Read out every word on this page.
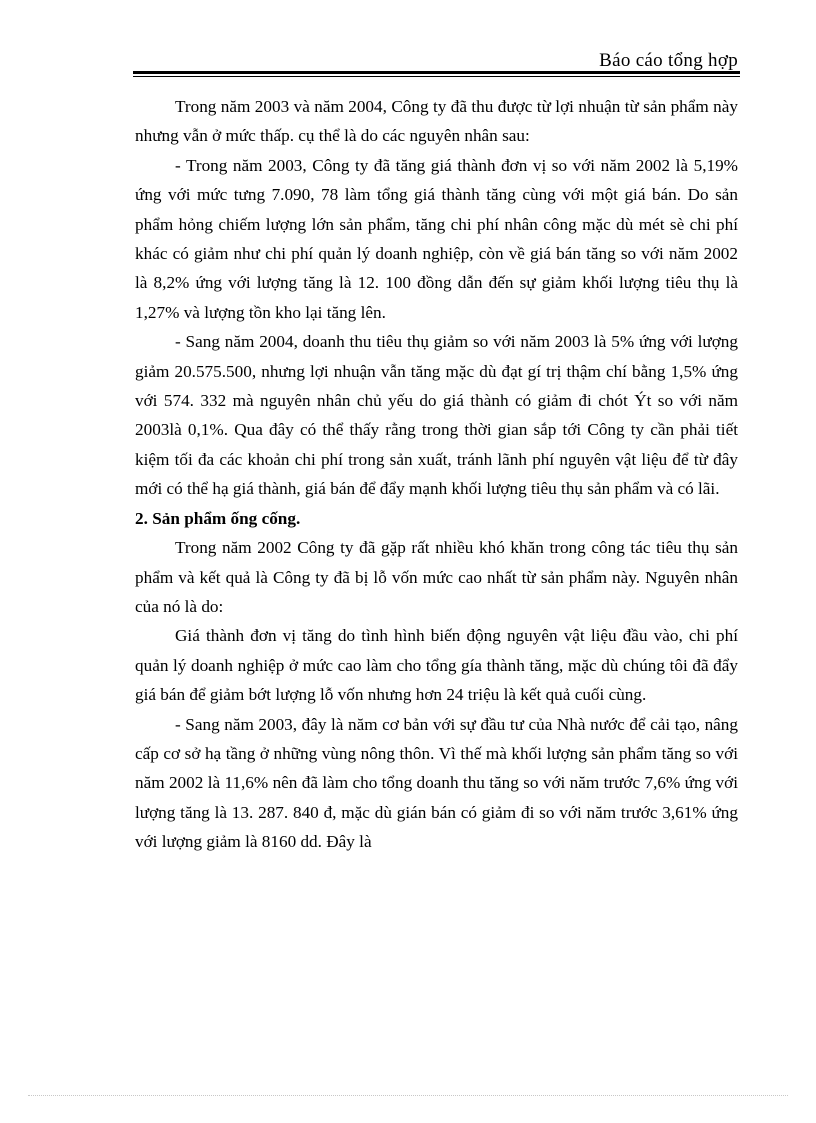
Báo cáo tổng hợp

Trong năm 2003 và năm 2004, Công ty đã thu được từ lợi nhuận từ sản phẩm này nhưng vẫn ở mức thấp. cụ thể là do các nguyên nhân sau:

- Trong năm 2003, Công ty đã tăng giá thành đơn vị so với năm 2002 là 5,19% ứng với mức tưng 7.090, 78 làm tổng giá thành tăng cùng với một giá bán. Do sản phẩm hỏng chiếm lượng lớn sản phẩm, tăng chi phí nhân công mặc dù mét sè chi phí khác có giảm như chi phí quản lý doanh nghiệp, còn về giá bán tăng so với năm 2002 là 8,2% ứng với lượng tăng là 12. 100 đồng dẫn đến sự giảm khối lượng tiêu thụ là 1,27% và lượng tồn kho lại tăng lên.

- Sang năm 2004, doanh thu tiêu thụ giảm so với năm 2003 là 5% ứng với lượng giảm 20.575.500, nhưng lợi nhuận vẫn tăng mặc dù đạt gí trị thậm chí bằng 1,5% ứng với 574. 332 mà nguyên nhân chủ yếu do giá thành có giảm đi chót Ýt so với năm 2003là 0,1%. Qua đây có thể thấy rằng trong thời gian sắp tới Công ty cần phải tiết kiệm tối đa các khoản chi phí trong sản xuất, tránh lãnh phí nguyên vật liệu để từ đây mới có thể hạ giá thành, giá bán để đẩy mạnh khối lượng tiêu thụ sản phẩm và có lãi.

2. Sản phẩm ống cống.

Trong năm 2002 Công ty đã gặp rất nhiều khó khăn trong công tác tiêu thụ sản phẩm và kết quả là Công ty đã bị lỗ vốn mức cao nhất từ sản phẩm này. Nguyên nhân của nó là do:

Giá thành đơn vị tăng do tình hình biến động nguyên vật liệu đầu vào, chi phí quản lý doanh nghiệp ở mức cao làm cho tổng gía thành tăng, mặc dù chúng tôi đã đẩy giá bán để giảm bớt lượng lỗ vốn nhưng hơn 24 triệu là kết quả cuối cùng.

- Sang năm 2003, đây là năm cơ bản với sự đầu tư của Nhà nước để cải tạo, nâng cấp cơ sở hạ tầng ở những vùng nông thôn. Vì thế mà khối lượng sản phẩm tăng so với năm 2002 là 11,6% nên đã làm cho tổng doanh thu tăng so với năm trước 7,6% ứng với lượng tăng là 13. 287. 840 đ, mặc dù gián bán có giảm đi so với năm trước 3,61% ứng với lượng giảm là 8160 dd. Đây là
